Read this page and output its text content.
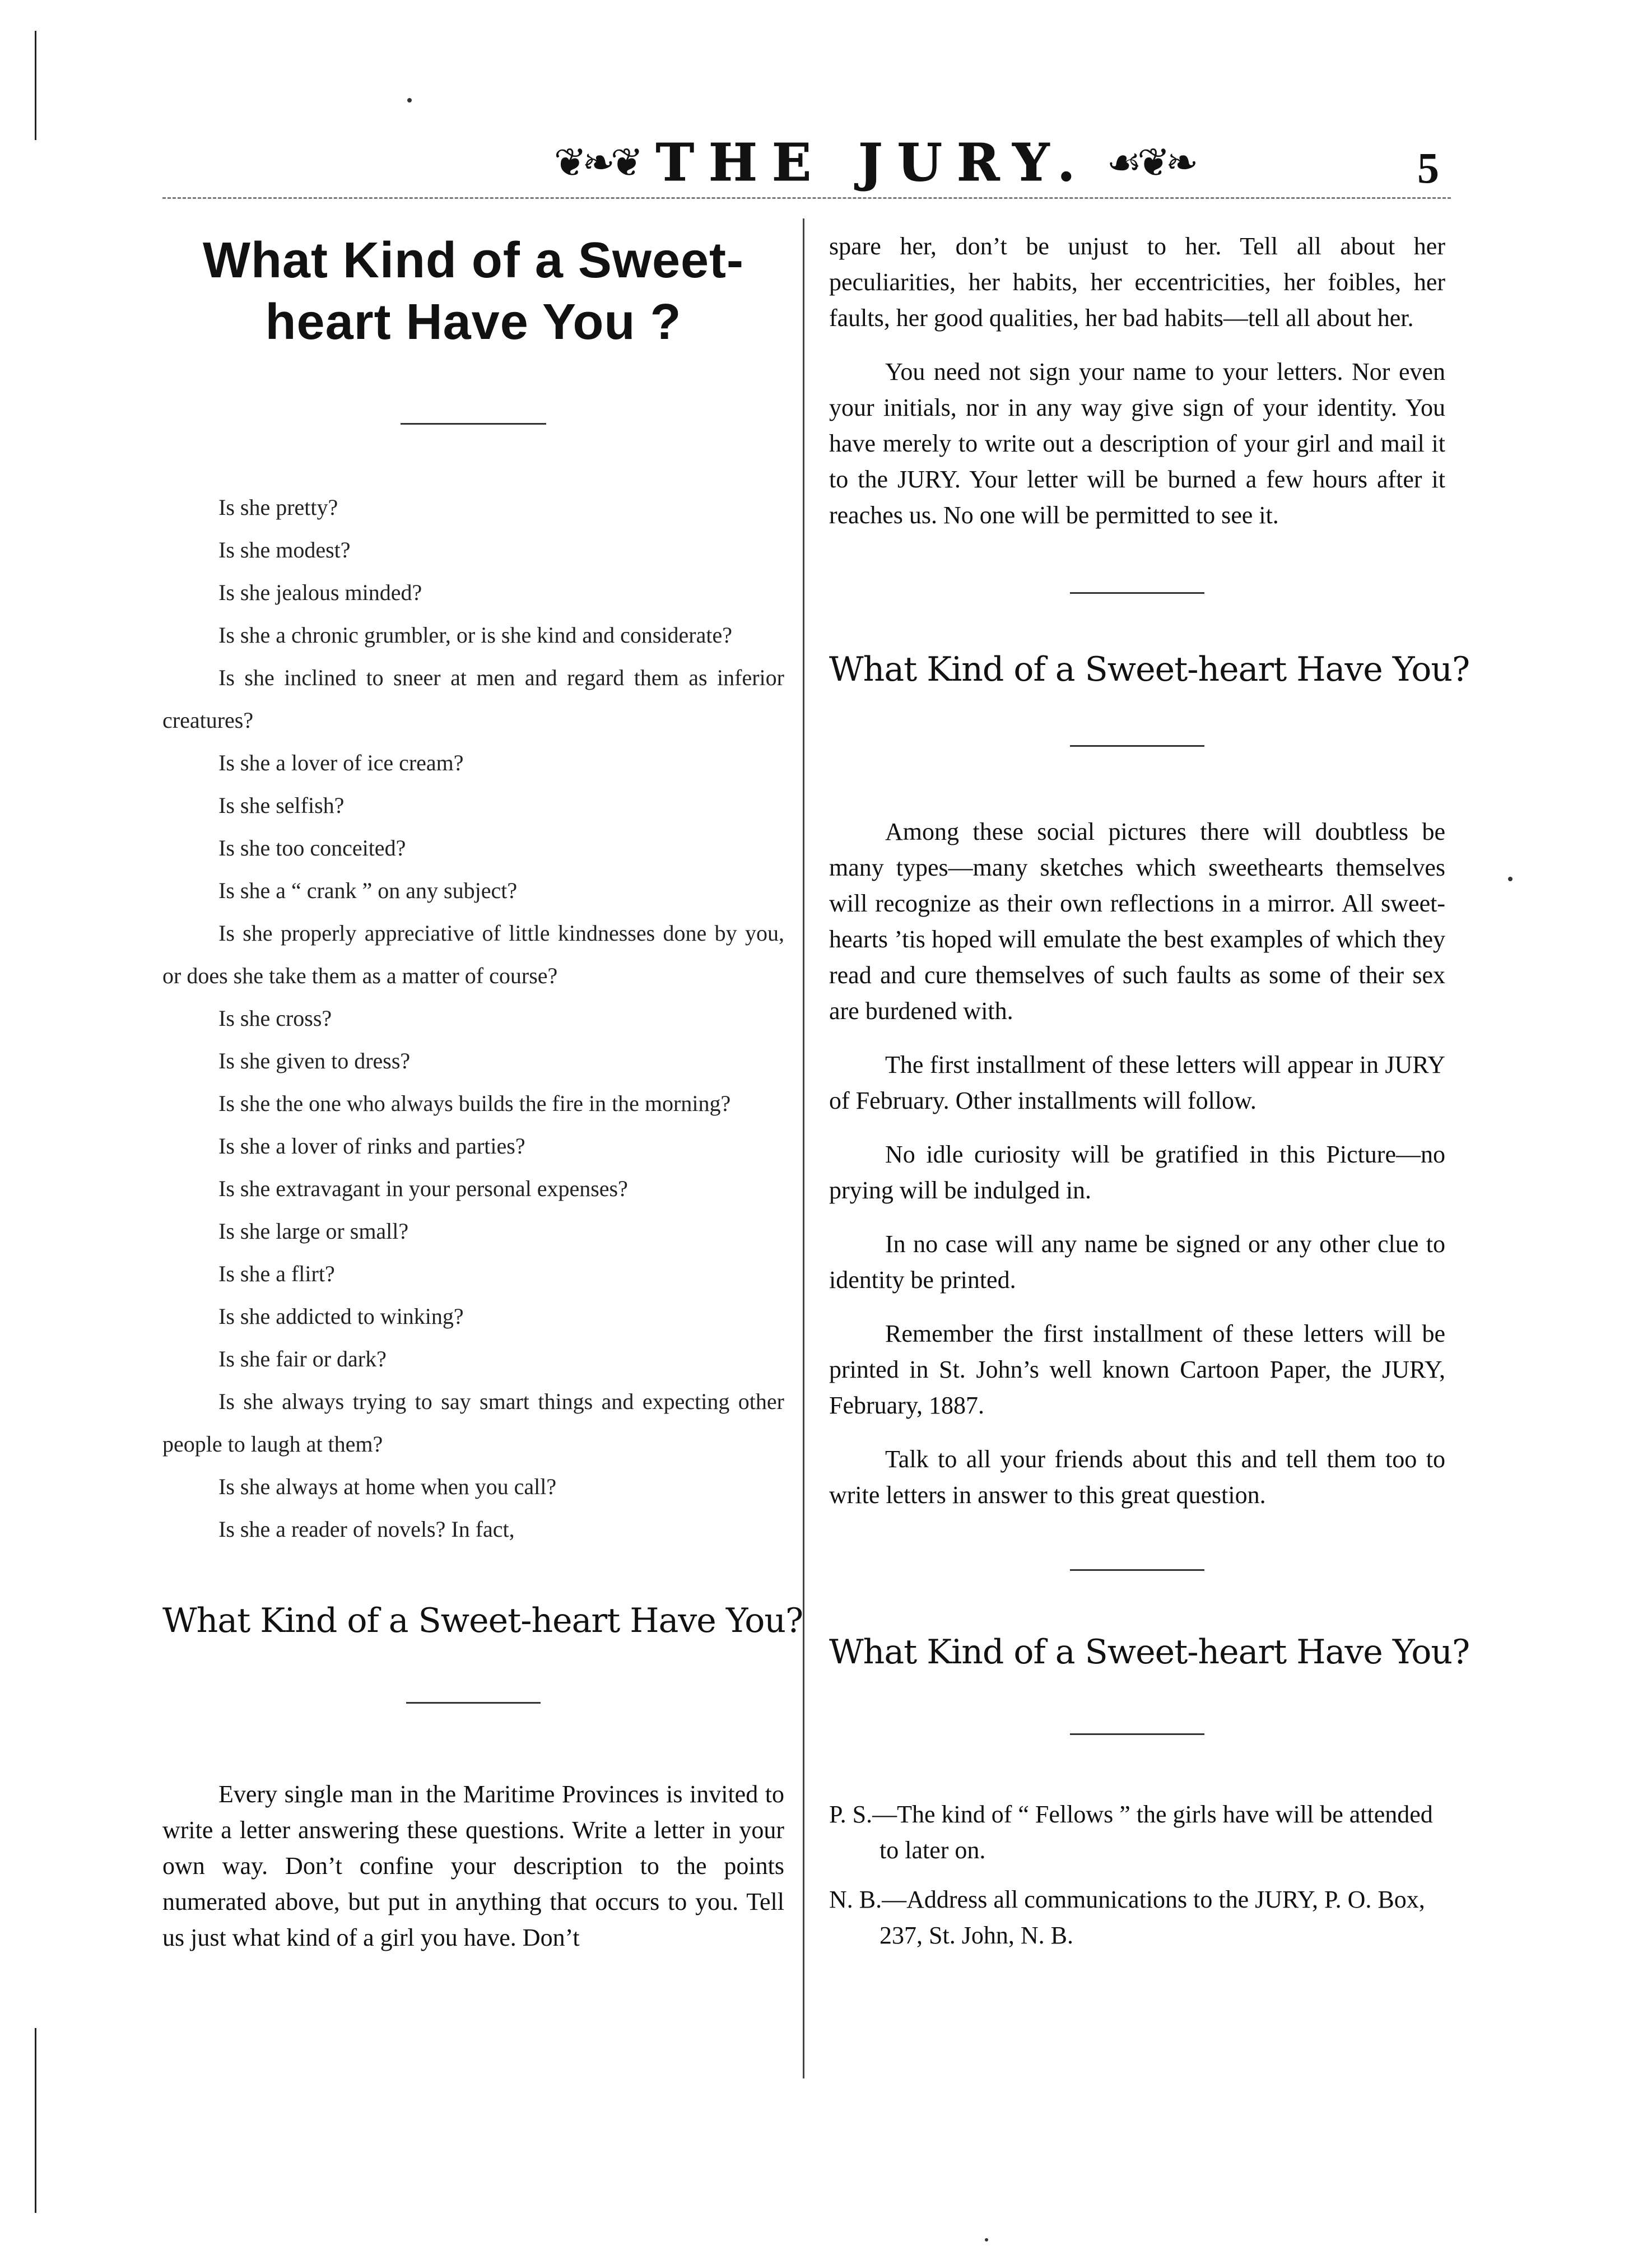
❦❧❦ THE JURY. ☙❦❧	5
What Kind of a Sweet-heart Have You ?
Is she pretty?
Is she modest?
Is she jealous minded?
Is she a chronic grumbler, or is she kind and considerate?
Is she inclined to sneer at men and regard them as inferior creatures?
Is she a lover of ice cream?
Is she selfish?
Is she too conceited?
Is she a “ crank ” on any subject?
Is she properly appreciative of little kindnesses done by you, or does she take them as a matter of course?
Is she cross?
Is she given to dress?
Is she the one who always builds the fire in the morning?
Is she a lover of rinks and parties?
Is she extravagant in your personal expenses?
Is she large or small?
Is she a flirt?
Is she addicted to winking?
Is she fair or dark?
Is she always trying to say smart things and expecting other people to laugh at them?
Is she always at home when you call?
Is she a reader of novels? In fact,
What Kind of a Sweet-heart Have You?

Every single man in the Maritime Provinces is invited to write a letter answering these questions. Write a letter in your own way. Don’t confine your description to the points numerated above, but put in anything that occurs to you. Tell us just what kind of a girl you have. Don’t

spare her, don’t be unjust to her. Tell all about her peculiarities, her habits, her eccentricities, her foibles, her faults, her good qualities, her bad habits—tell all about her.

You need not sign your name to your letters. Nor even your initials, nor in any way give sign of your identity. You have merely to write out a description of your girl and mail it to the JURY. Your letter will be burned a few hours after it reaches us. No one will be permitted to see it.

What Kind of a Sweet-heart Have You?

Among these social pictures there will doubtless be many types—many sketches which sweethearts themselves will recognize as their own reflections in a mirror. All sweet-hearts ’tis hoped will emulate the best examples of which they read and cure themselves of such faults as some of their sex are burdened with.

The first installment of these letters will appear in JURY of February. Other installments will follow.

No idle curiosity will be gratified in this Picture—no prying will be indulged in.

In no case will any name be signed or any other clue to identity be printed.

Remember the first installment of these letters will be printed in St. John’s well known Cartoon Paper, the JURY, February, 1887.

Talk to all your friends about this and tell them too to write letters in answer to this great question.

What Kind of a Sweet-heart Have You?

P. S.—The kind of “ Fellows ” the girls have will be attended to later on.

N. B.—Address all communications to the JURY, P. O. Box, 237, St. John, N. B.
